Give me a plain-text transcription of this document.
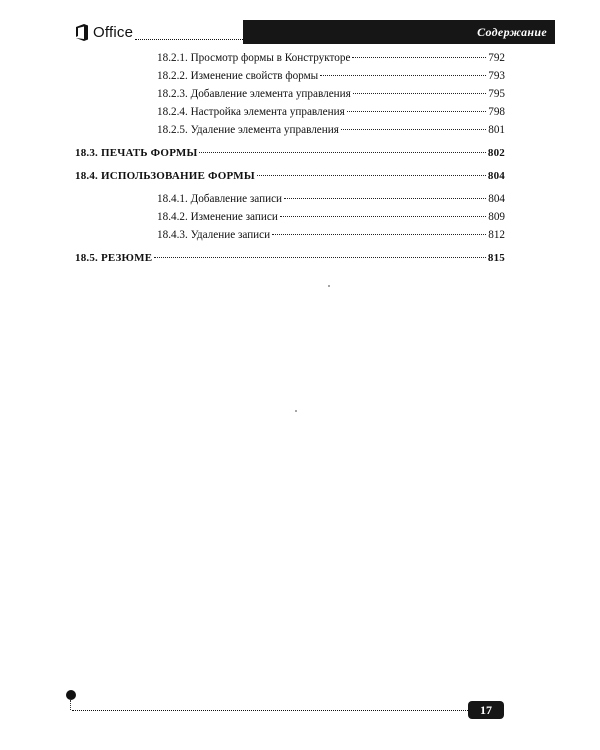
Office	Содержание
18.2.1. Просмотр формы в Конструкторе	792
18.2.2. Изменение свойств формы	793
18.2.3. Добавление элемента управления	795
18.2.4. Настройка элемента управления	798
18.2.5. Удаление элемента управления	801
18.3. ПЕЧАТЬ ФОРМЫ	802
18.4. ИСПОЛЬЗОВАНИЕ ФОРМЫ	804
18.4.1. Добавление записи	804
18.4.2. Изменение записи	809
18.4.3. Удаление записи	812
18.5. РЕЗЮМЕ	815
17
